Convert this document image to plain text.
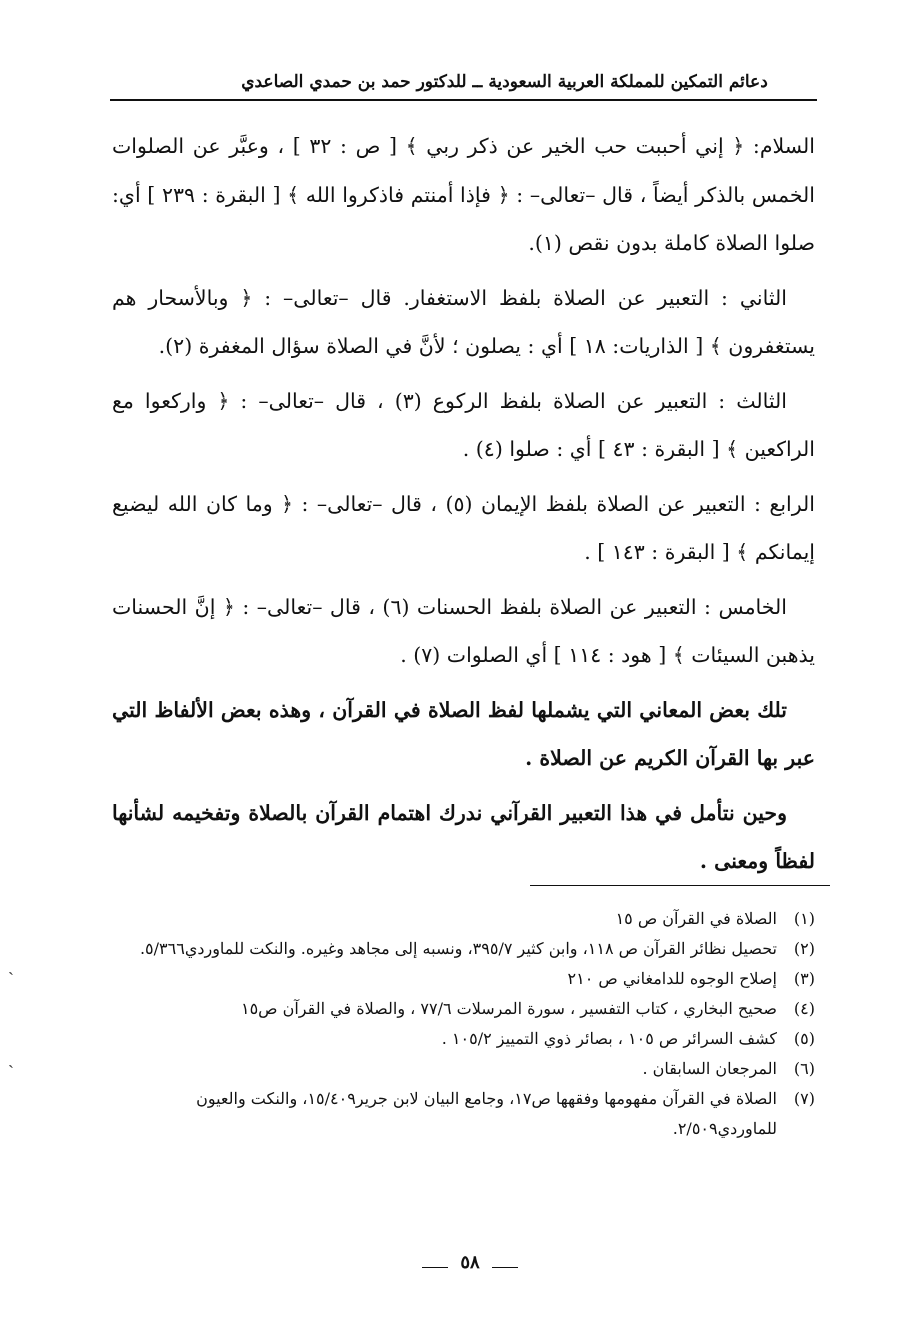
دعائم التمكين للمملكة العربية السعودية ــ للدكتور حمد بن حمدي الصاعدي

السلام: ﴿ إني أحببت حب الخير عن ذكر ربي ﴾ [ ص : ٣٢ ] ، وعبَّر عن الصلوات الخمس بالذكر أيضاً ، قال –تعالى– : ﴿ فإذا أمنتم فاذكروا الله ﴾ [ البقرة : ٢٣٩ ] أي: صلوا الصلاة كاملة بدون نقص (١).

الثاني : التعبير عن الصلاة بلفظ الاستغفار. قال –تعالى– : ﴿ وبالأسحار هم يستغفرون ﴾ [ الذاريات: ١٨ ] أي : يصلون ؛ لأنَّ في الصلاة سؤال المغفرة (٢).

الثالث : التعبير عن الصلاة بلفظ الركوع (٣) ، قال –تعالى– : ﴿ واركعوا مع الراكعين ﴾ [ البقرة : ٤٣ ] أي : صلوا (٤) .

الرابع : التعبير عن الصلاة بلفظ الإيمان (٥) ، قال –تعالى– : ﴿ وما كان الله ليضيع إيمانكم ﴾ [ البقرة : ١٤٣ ] .

الخامس : التعبير عن الصلاة بلفظ الحسنات (٦) ، قال –تعالى– : ﴿ إنَّ الحسنات يذهبن السيئات ﴾ [ هود : ١١٤ ] أي الصلوات (٧) .

تلك بعض المعاني التي يشملها لفظ الصلاة في القرآن ، وهذه بعض الألفاظ التي عبر بها القرآن الكريم عن الصلاة .

وحين نتأمل في هذا التعبير القرآني ندرك اهتمام القرآن بالصلاة وتفخيمه لشأنها لفظاً ومعنى .

(١)
الصلاة في القرآن ص ١٥

(٢)
تحصيل نظائر القرآن ص ١١٨، وابن كثير ٣٩٥/٧، ونسبه إلى مجاهد وغيره. والنكت للماوردي٥/٣٦٦.

(٣)
إصلاح الوجوه للدامغاني ص ٢١٠

(٤)
صحيح البخاري ، كتاب التفسير ، سورة المرسلات ٧٧/٦ ، والصلاة في القرآن ص١٥

(٥)
كشف السرائر ص ١٠٥ ، بصائر ذوي التمييز ١٠٥/٢ .

(٦)
المرجعان السابقان .

(٧)
الصلاة في القرآن مفهومها وفقهها ص١٧، وجامع البيان لابن جرير١٥/٤٠٩، والنكت والعيون للماوردي٢/٥٠٩.

٥٨
ˏ
ˏ
